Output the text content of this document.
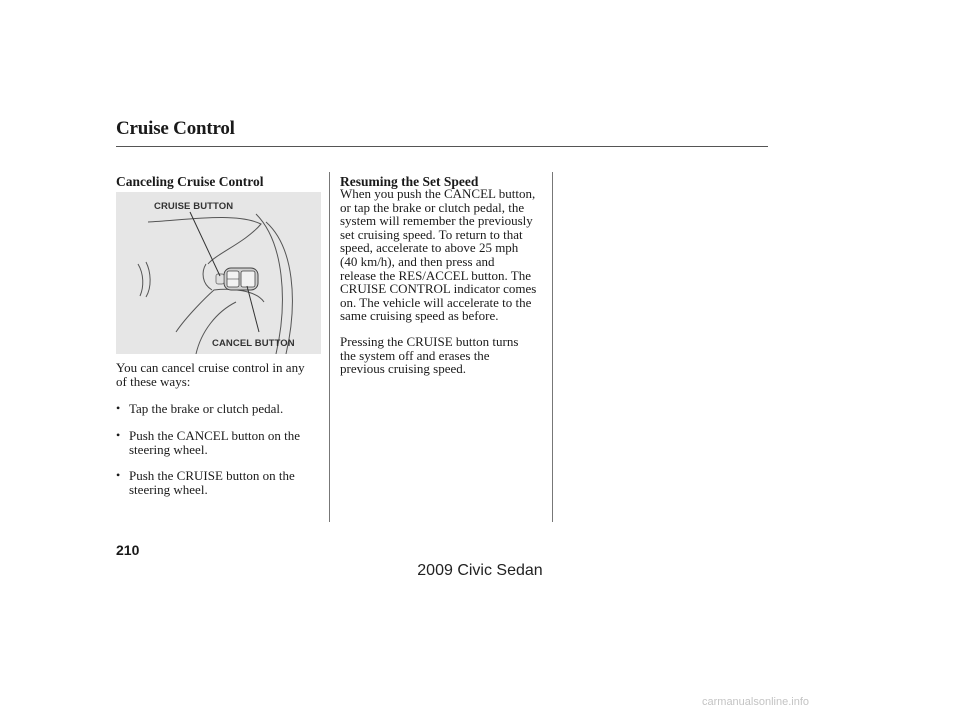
Cruise Control
Canceling Cruise Control
CRUISE BUTTON
CANCEL BUTTON
You can cancel cruise control in any
of these ways:
• Tap the brake or clutch pedal.
• Push the CANCEL button on the
steering wheel.
• Push the CRUISE button on the
steering wheel.
Resuming the Set Speed
When you push the CANCEL button,
or tap the brake or clutch pedal, the
system will remember the previously
set cruising speed. To return to that
speed, accelerate to above 25 mph
(40 km/h), and then press and
release the RES/ACCEL button. The
CRUISE CONTROL indicator comes
on. The vehicle will accelerate to the
same cruising speed as before.
Pressing the CRUISE button turns
the system off and erases the
previous cruising speed.
210
2009 Civic Sedan
carmanualsonline.info
